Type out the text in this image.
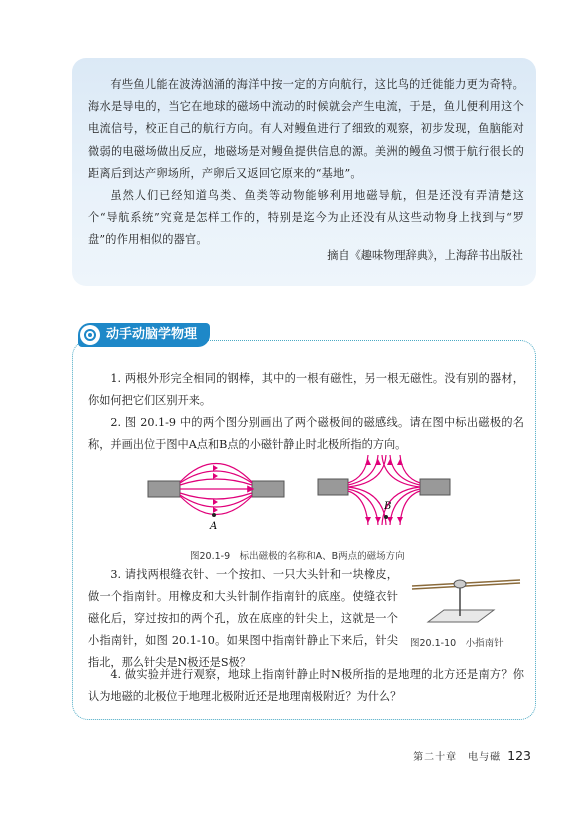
有些鱼儿能在波涛汹涌的海洋中按一定的方向航行，这比鸟的迁徙能力更为奇特。海水是导电的，当它在地球的磁场中流动的时候就会产生电流，于是，鱼儿便利用这个电流信号，校正自己的航行方向。有人对鳗鱼进行了细致的观察，初步发现，鱼脑能对微弱的电磁场做出反应，地磁场是对鳗鱼提供信息的源。美洲的鳗鱼习惯于航行很长的距离后到达产卵场所，产卵后又返回它原来的“基地”。

虽然人们已经知道鸟类、鱼类等动物能够利用地磁导航，但是还没有弄清楚这个“导航系统”究竟是怎样工作的，特别是迄今为止还没有从这些动物身上找到与“罗盘”的作用相似的器官。

摘自《趣味物理辞典》，上海辞书出版社
动手动脑学物理

1. 两根外形完全相同的钢棒，其中的一根有磁性，另一根无磁性。没有别的器材，你如何把它们区别开来。

2. 图 20.1-9 中的两个图分别画出了两个磁极间的磁感线。请在图中标出磁极的名称，并画出位于图中A点和B点的小磁针静止时北极所指的方向。

A
B
图20.1-9　标出磁极的名称和A、B两点的磁场方向

3. 请找两根缝衣针、一个按扣、一只大头针和一块橡皮，做一个指南针。用橡皮和大头针制作指南针的底座。使缝衣针磁化后，穿过按扣的两个孔，放在底座的针尖上，这就是一个小指南针，如图 20.1-10。如果图中指南针静止下来后，针尖指北，那么针尖是N极还是S极？

图20.1-10　小指南针

4. 做实验并进行观察，地球上指南针静止时N极所指的是地理的北方还是南方？你认为地磁的北极位于地理北极附近还是地理南极附近？为什么？

第二十章　电与磁 123
